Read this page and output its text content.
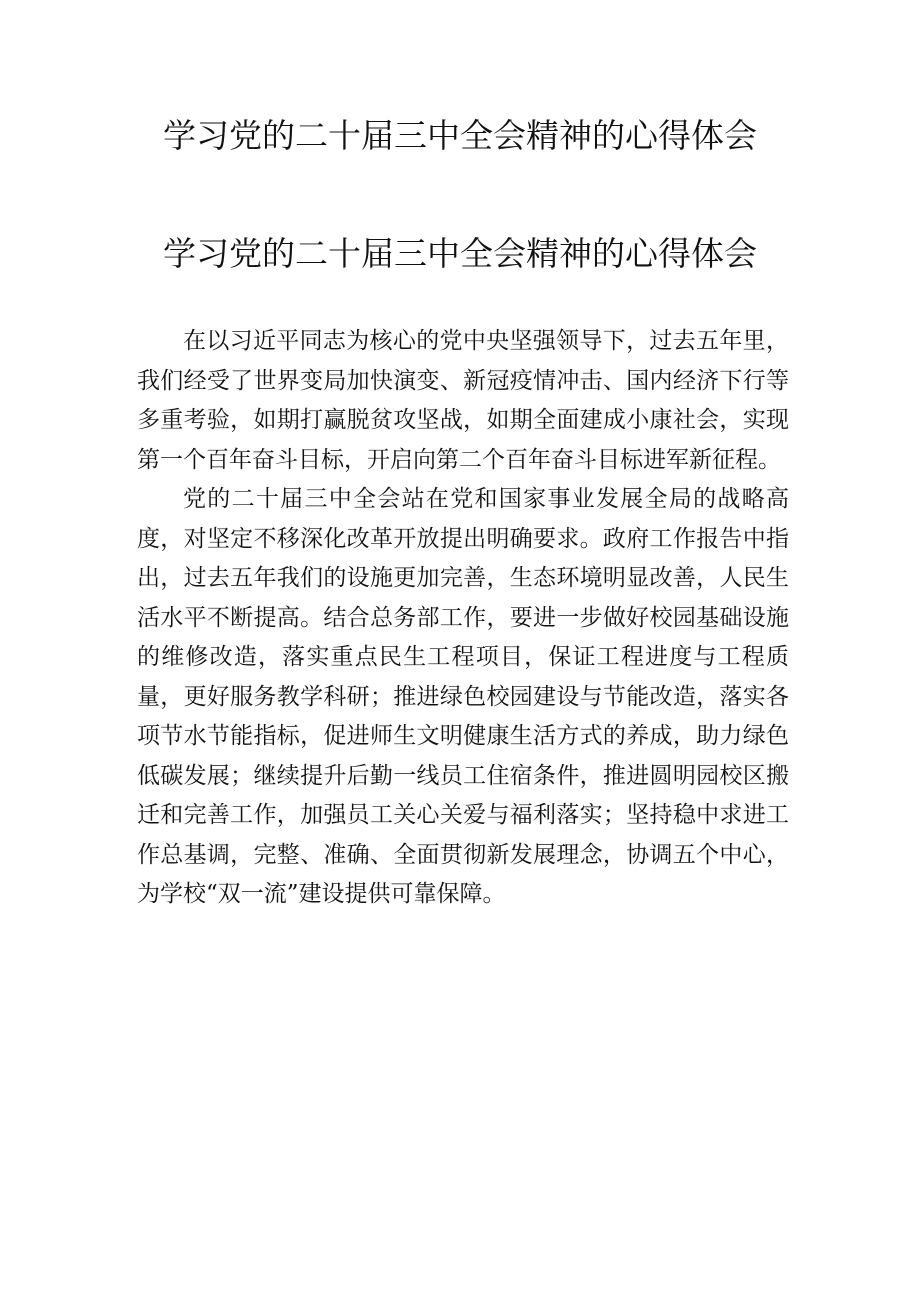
学习党的二十届三中全会精神的心得体会
学习党的二十届三中全会精神的心得体会

在以习近平同志为核心的党中央坚强领导下，过去五年里，我们经受了世界变局加快演变、新冠疫情冲击、国内经济下行等多重考验，如期打赢脱贫攻坚战，如期全面建成小康社会，实现第一个百年奋斗目标，开启向第二个百年奋斗目标进军新征程。

党的二十届三中全会站在党和国家事业发展全局的战略高度，对坚定不移深化改革开放提出明确要求。政府工作报告中指出，过去五年我们的设施更加完善，生态环境明显改善，人民生活水平不断提高。结合总务部工作，要进一步做好校园基础设施的维修改造，落实重点民生工程项目，保证工程进度与工程质量，更好服务教学科研；推进绿色校园建设与节能改造，落实各项节水节能指标，促进师生文明健康生活方式的养成，助力绿色低碳发展；继续提升后勤一线员工住宿条件，推进圆明园校区搬迁和完善工作，加强员工关心关爱与福利落实；坚持稳中求进工作总基调，完整、准确、全面贯彻新发展理念，协调五个中心，为学校“双一流”建设提供可靠保障。
